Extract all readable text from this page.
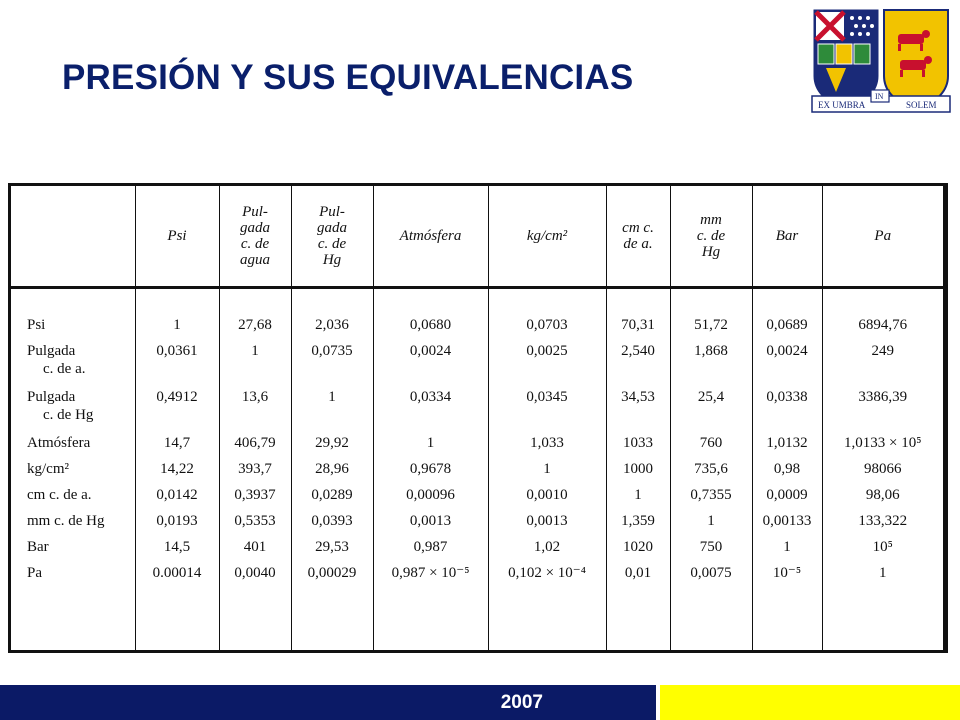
PRESIÓN Y SUS EQUIVALENCIAS
EX UMBRA
IN
SOLEM
	Psi	Pul-
gada
c. de
agua	Pul-
gada
c. de
Hg	Atmósfera	kg/cm²	cm c.
de a.	mm
c. de
Hg	Bar	Pa
Psi	1	27,68	2,036	0,0680	0,0703	70,31	51,72	0,0689	6894,76
Pulgada
c. de a.	0,0361	1	0,0735	0,0024	0,0025	2,540	1,868	0,0024	249
Pulgada
c. de Hg	0,4912	13,6	1	0,0334	0,0345	34,53	25,4	0,0338	3386,39
Atmósfera	14,7	406,79	29,92	1	1,033	1033	760	1,0132	1,0133 × 10⁵
kg/cm²	14,22	393,7	28,96	0,9678	1	1000	735,6	0,98	98066
cm c. de a.	0,0142	0,3937	0,0289	0,00096	0,0010	1	0,7355	0,0009	98,06
mm c. de Hg	0,0193	0,5353	0,0393	0,0013	0,0013	1,359	1	0,00133	133,322
Bar	14,5	401	29,53	0,987	1,02	1020	750	1	10⁵
Pa	0.00014	0,0040	0,00029	0,987 × 10⁻⁵	0,102 × 10⁻⁴	0,01	0,0075	10⁻⁵	1
2007
